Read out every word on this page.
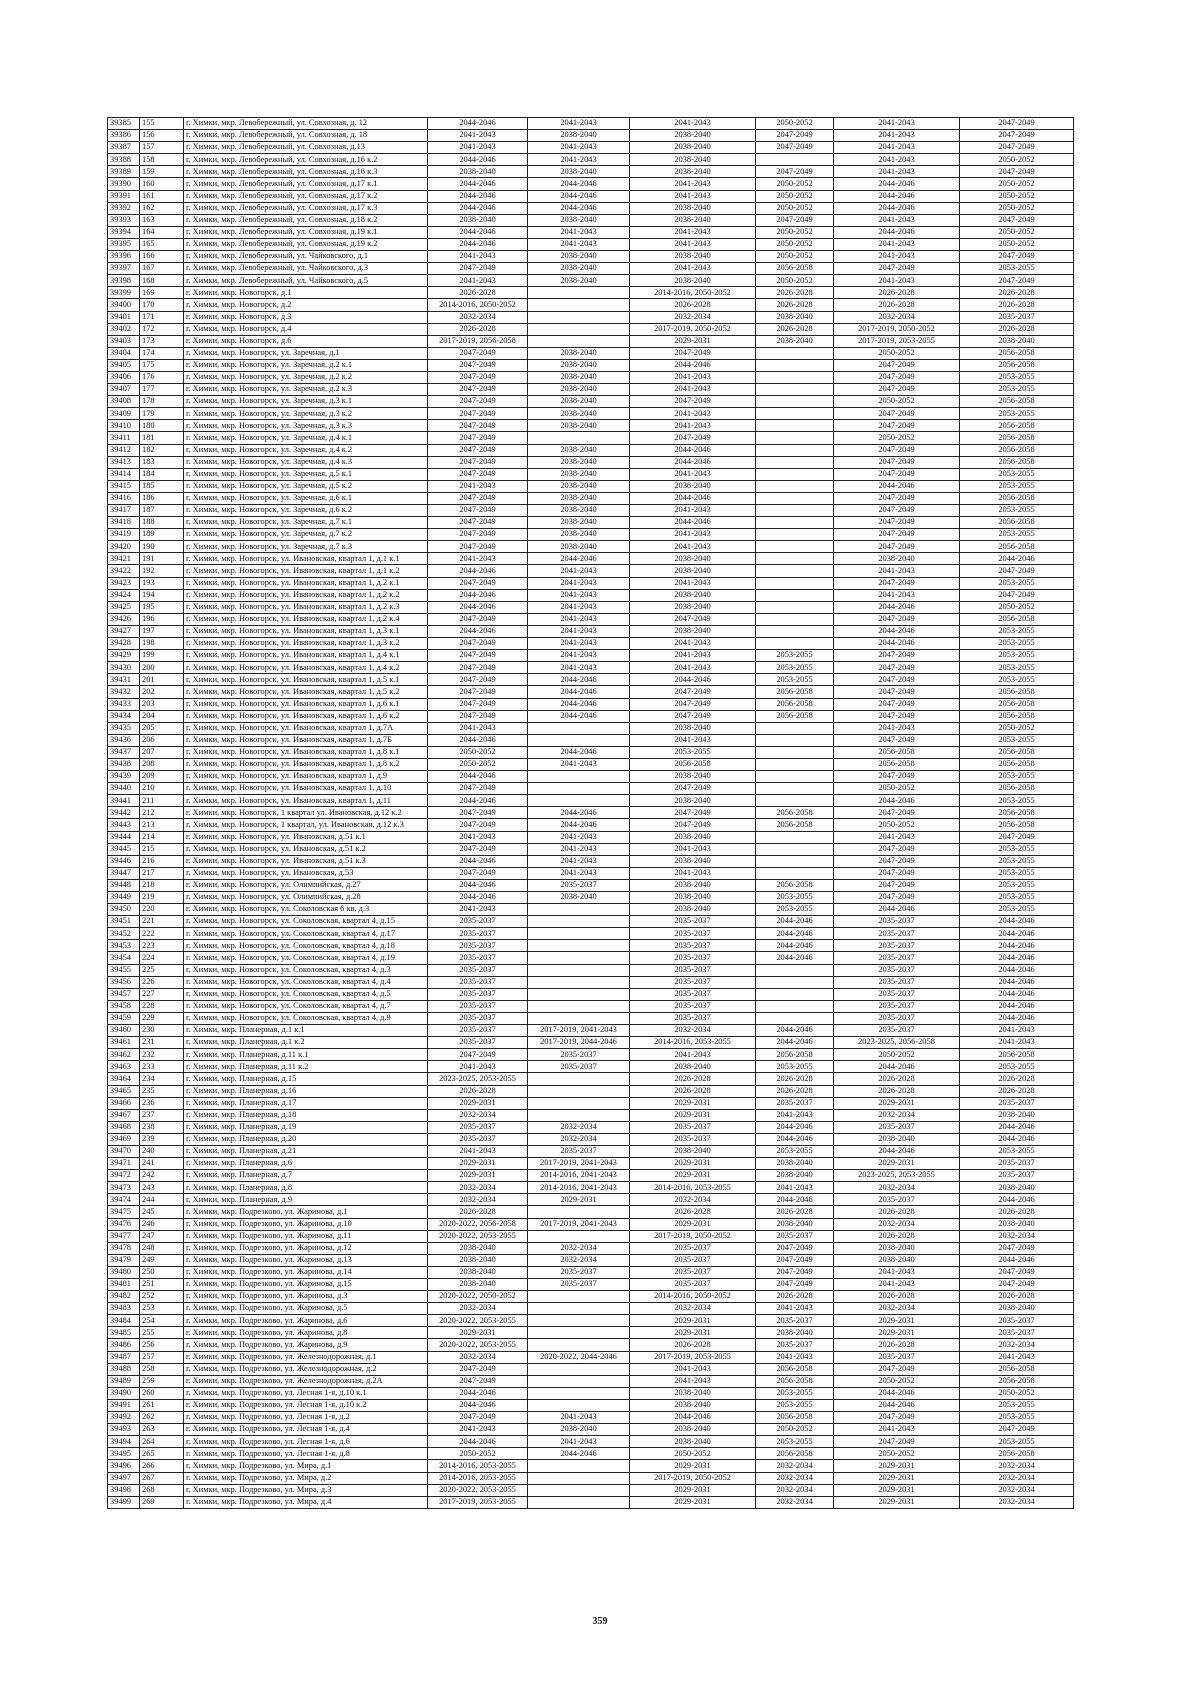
39385	155	г. Химки, мкр. Левобережный, ул. Совхозная, д. 12	2044-2046	2041-2043	2041-2043	2050-2052	2041-2043	2047-2049
39386	156	г. Химки, мкр. Левобережный, ул. Совхозная, д. 18	2041-2043	2038-2040	2038-2040	2047-2049	2041-2043	2047-2049
39387	157	г. Химки, мкр. Левобережный, ул. Совхозная, д.13	2041-2043	2041-2043	2038-2040	2047-2049	2041-2043	2047-2049
39388	158	г. Химки, мкр. Левобережный, ул. Совхозная, д.16 к.2	2044-2046	2041-2043	2038-2040		2041-2043	2050-2052
39389	159	г. Химки, мкр. Левобережный, ул. Совхозная, д.16 к.3	2038-2040	2038-2040	2038-2040	2047-2049	2041-2043	2047-2049
39390	160	г. Химки, мкр. Левобережный, ул. Совхозная, д.17 к.1	2044-2046	2044-2046	2041-2043	2050-2052	2044-2046	2050-2052
39391	161	г. Химки, мкр. Левобережный, ул. Совхозная, д.17 к.2	2044-2046	2044-2046	2041-2043	2050-2052	2044-2046	2050-2052
39392	162	г. Химки, мкр. Левобережный, ул. Совхозная, д.17 к.3	2044-2046	2044-2046	2038-2040	2050-2052	2044-2046	2050-2052
39393	163	г. Химки, мкр. Левобережный, ул. Совхозная, д.18 к.2	2038-2040	2038-2040	2038-2040	2047-2049	2041-2043	2047-2049
39394	164	г. Химки, мкр. Левобережный, ул. Совхозная, д.19 к.1	2044-2046	2041-2043	2041-2043	2050-2052	2044-2046	2050-2052
39395	165	г. Химки, мкр. Левобережный, ул. Совхозная, д.19 к.2	2044-2046	2041-2043	2041-2043	2050-2052	2041-2043	2050-2052
39396	166	г. Химки, мкр. Левобережный, ул. Чайковского, д.1	2041-2043	2038-2040	2038-2040	2050-2052	2041-2043	2047-2049
39397	167	г. Химки, мкр. Левобережный, ул. Чайковского, д.3	2047-2049	2038-2040	2041-2043	2056-2058	2047-2049	2053-2055
39398	168	г. Химки, мкр. Левобережный, ул. Чайковского, д.5	2041-2043	2038-2040	2038-2040	2050-2052	2041-2043	2047-2049
39399	169	г. Химки, мкр. Новогорск, д.1	2026-2028		2014-2016, 2050-2052	2026-2028	2026-2028	2026-2028
39400	170	г. Химки, мкр. Новогорск, д.2	2014-2016, 2050-2052		2026-2028	2026-2028	2026-2028	2026-2028
39401	171	г. Химки, мкр. Новогорск, д.3	2032-2034		2032-2034	2038-2040	2032-2034	2035-2037
39402	172	г. Химки, мкр. Новогорск, д.4	2026-2028		2017-2019, 2050-2052	2026-2028	2017-2019, 2050-2052	2026-2028
39403	173	г. Химки, мкр. Новогорск, д.6	2017-2019, 2056-2058		2029-2031	2038-2040	2017-2019, 2053-2055	2038-2040
39404	174	г. Химки, мкр. Новогорск, ул. Заречная, д.1	2047-2049	2038-2040	2047-2049		2050-2052	2056-2058
39405	175	г. Химки, мкр. Новогорск, ул. Заречная, д.2 к.1	2047-2049	2038-2040	2044-2046		2047-2049	2056-2058
39406	176	г. Химки, мкр. Новогорск, ул. Заречная, д.2 к.2	2047-2049	2038-2040	2041-2043		2047-2049	2053-2055
39407	177	г. Химки, мкр. Новогорск, ул. Заречная, д.2 к.3	2047-2049	2038-2040	2041-2043		2047-2049	2053-2055
39408	178	г. Химки, мкр. Новогорск, ул. Заречная, д.3 к.1	2047-2049	2038-2040	2047-2049		2050-2052	2056-2058
39409	179	г. Химки, мкр. Новогорск, ул. Заречная, д.3 к.2	2047-2049	2038-2040	2041-2043		2047-2049	2053-2055
39410	180	г. Химки, мкр. Новогорск, ул. Заречная, д.3 к.3	2047-2049	2038-2040	2041-2043		2047-2049	2056-2058
39411	181	г. Химки, мкр. Новогорск, ул. Заречная, д.4 к.1	2047-2049		2047-2049		2050-2052	2056-2058
39412	182	г. Химки, мкр. Новогорск, ул. Заречная, д.4 к.2	2047-2049	2038-2040	2044-2046		2047-2049	2056-2058
39413	183	г. Химки, мкр. Новогорск, ул. Заречная, д.4 к.3	2047-2049	2038-2040	2044-2046		2047-2049	2056-2058
39414	184	г. Химки, мкр. Новогорск, ул. Заречная, д.5 к.1	2047-2049	2038-2040	2041-2043		2047-2049	2053-2055
39415	185	г. Химки, мкр. Новогорск, ул. Заречная, д.5 к.2	2041-2043	2038-2040	2038-2040		2044-2046	2053-2055
39416	186	г. Химки, мкр. Новогорск, ул. Заречная, д.6 к.1	2047-2049	2038-2040	2044-2046		2047-2049	2056-2058
39417	187	г. Химки, мкр. Новогорск, ул. Заречная, д.6 к.2	2047-2049	2038-2040	2041-2043		2047-2049	2053-2055
39418	188	г. Химки, мкр. Новогорск, ул. Заречная, д.7 к.1	2047-2049	2038-2040	2044-2046		2047-2049	2056-2058
39419	189	г. Химки, мкр. Новогорск, ул. Заречная, д.7 к.2	2047-2049	2038-2040	2041-2043		2047-2049	2053-2055
39420	190	г. Химки, мкр. Новогорск, ул. Заречная, д.7 к.3	2047-2049	2038-2040	2041-2043		2047-2049	2056-2058
39421	191	г. Химки, мкр. Новогорск, ул. Ивановская, квартал 1, д.1 к.1	2041-2043	2044-2046	2038-2040		2038-2040	2044-2046
39422	192	г. Химки, мкр. Новогорск, ул. Ивановская, квартал 1, д.1 к.2	2044-2046	2041-2043	2038-2040		2041-2043	2047-2049
39423	193	г. Химки, мкр. Новогорск, ул. Ивановская, квартал 1, д.2 к.1	2047-2049	2041-2043	2041-2043		2047-2049	2053-2055
39424	194	г. Химки, мкр. Новогорск, ул. Ивановская, квартал 1, д.2 к.2	2044-2046	2041-2043	2038-2040		2041-2043	2047-2049
39425	195	г. Химки, мкр. Новогорск, ул. Ивановская, квартал 1, д.2 к.3	2044-2046	2041-2043	2038-2040		2044-2046	2050-2052
39426	196	г. Химки, мкр. Новогорск, ул. Ивановская, квартал 1, д.2 к.4	2047-2049	2041-2043	2047-2049		2047-2049	2056-2058
39427	197	г. Химки, мкр. Новогорск, ул. Ивановская, квартал 1, д.3 к.1	2044-2046	2041-2043	2038-2040		2044-2046	2053-2055
39428	198	г. Химки, мкр. Новогорск, ул. Ивановская, квартал 1, д.3 к.2	2047-2049	2041-2043	2041-2043		2044-2046	2053-2055
39429	199	г. Химки, мкр. Новогорск, ул. Ивановская, квартал 1, д.4 к.1	2047-2049	2041-2043	2041-2043	2053-2055	2047-2049	2053-2055
39430	200	г. Химки, мкр. Новогорск, ул. Ивановская, квартал 1, д.4 к.2	2047-2049	2041-2043	2041-2043	2053-2055	2047-2049	2053-2055
39431	201	г. Химки, мкр. Новогорск, ул. Ивановская, квартал 1, д.5 к.1	2047-2049	2044-2046	2044-2046	2053-2055	2047-2049	2053-2055
39432	202	г. Химки, мкр. Новогорск, ул. Ивановская, квартал 1, д.5 к.2	2047-2049	2044-2046	2047-2049	2056-2058	2047-2049	2056-2058
39433	203	г. Химки, мкр. Новогорск, ул. Ивановская, квартал 1, д.6 к.1	2047-2049	2044-2046	2047-2049	2056-2058	2047-2049	2056-2058
39434	204	г. Химки, мкр. Новогорск, ул. Ивановская, квартал 1, д.6 к.2	2047-2049	2044-2046	2047-2049	2056-2058	2047-2049	2056-2058
39435	205	г. Химки, мкр. Новогорск, ул. Ивановская, квартал 1, д.7А	2041-2043		2038-2040		2041-2043	2050-2052
39436	206	г. Химки, мкр. Новогорск, ул. Ивановская, квартал 1, д.7Б	2044-2046		2041-2043		2047-2049	2053-2055
39437	207	г. Химки, мкр. Новогорск, ул. Ивановская, квартал 1, д.8 к.1	2050-2052	2044-2046	2053-2055		2056-2058	2056-2058
39438	208	г. Химки, мкр. Новогорск, ул. Ивановская, квартал 1, д.8 к.2	2050-2052	2041-2043	2056-2058		2056-2058	2056-2058
39439	209	г. Химки, мкр. Новогорск, ул. Ивановская, квартал 1, д.9	2044-2046		2038-2040		2047-2049	2053-2055
39440	210	г. Химки, мкр. Новогорск, ул. Ивановская, квартал 1, д.10	2047-2049		2047-2049		2050-2052	2056-2058
39441	211	г. Химки, мкр. Новогорск, ул. Ивановская, квартал 1, д.11	2044-2046		2038-2040		2044-2046	2053-2055
39442	212	г. Химки, мкр. Новогорск, 1 квартал ул. Ивановская, д.12 к.2	2047-2049	2044-2046	2047-2049	2056-2058	2047-2049	2056-2058
39443	213	г. Химки, мкр. Новогорск, 1 квартал, ул. Ивановская, д.12 к.3	2047-2049	2044-2046	2047-2049	2056-2058	2050-2052	2056-2058
39444	214	г. Химки, мкр. Новогорск, ул. Ивановская, д.51 к.1	2041-2043	2041-2043	2038-2040		2041-2043	2047-2049
39445	215	г. Химки, мкр. Новогорск, ул. Ивановская, д.51 к.2	2047-2049	2041-2043	2041-2043		2047-2049	2053-2055
39446	216	г. Химки, мкр. Новогорск, ул. Ивановская, д.51 к.3	2044-2046	2041-2043	2038-2040		2047-2049	2053-2055
39447	217	г. Химки, мкр. Новогорск, ул. Ивановская, д.53	2047-2049	2041-2043	2041-2043		2047-2049	2053-2055
39448	218	г. Химки, мкр. Новогорск, ул. Олимпийская, д.27	2044-2046	2035-2037	2038-2040	2056-2058	2047-2049	2053-2055
39449	219	г. Химки, мкр. Новогорск, ул. Олимпийская, д.28	2044-2046	2038-2040	2038-2040	2053-2055	2047-2049	2053-2055
39450	220	г. Химки, мкр. Новогорск, ул. Соколовская 6 кв, д.3	2041-2043		2038-2040	2053-2055	2044-2046	2053-2055
39451	221	г. Химки, мкр. Новогорск, ул. Соколовская, квартал 4, д.15	2035-2037		2035-2037	2044-2046	2035-2037	2044-2046
39452	222	г. Химки, мкр. Новогорск, ул. Соколовская, квартал 4, д.17	2035-2037		2035-2037	2044-2046	2035-2037	2044-2046
39453	223	г. Химки, мкр. Новогорск, ул. Соколовская, квартал 4, д.18	2035-2037		2035-2037	2044-2046	2035-2037	2044-2046
39454	224	г. Химки, мкр. Новогорск, ул. Соколовская, квартал 4, д.19	2035-2037		2035-2037	2044-2046	2035-2037	2044-2046
39455	225	г. Химки, мкр. Новогорск, ул. Соколовская, квартал 4, д.3	2035-2037		2035-2037		2035-2037	2044-2046
39456	226	г. Химки, мкр. Новогорск, ул. Соколовская, квартал 4, д.4	2035-2037		2035-2037		2035-2037	2044-2046
39457	227	г. Химки, мкр. Новогорск, ул. Соколовская, квартал 4, д.5	2035-2037		2035-2037		2035-2037	2044-2046
39458	228	г. Химки, мкр. Новогорск, ул. Соколовская, квартал 4, д.7	2035-2037		2035-2037		2035-2037	2044-2046
39459	229	г. Химки, мкр. Новогорск, ул. Соколовская, квартал 4, д.9	2035-2037		2035-2037		2035-2037	2044-2046
39460	230	г. Химки, мкр. Планерная, д.1 к.1	2035-2037	2017-2019, 2041-2043	2032-2034	2044-2046	2035-2037	2041-2043
39461	231	г. Химки, мкр. Планерная, д.1 к.2	2035-2037	2017-2019, 2044-2046	2014-2016, 2053-2055	2044-2046	2023-2025, 2056-2058	2041-2043
39462	232	г. Химки, мкр. Планерная, д.11 к.1	2047-2049	2035-2037	2041-2043	2056-2058	2050-2052	2056-2058
39463	233	г. Химки, мкр. Планерная, д.11 к.2	2041-2043	2035-2037	2038-2040	2053-2055	2044-2046	2053-2055
39464	234	г. Химки, мкр. Планерная, д.15	2023-2025, 2053-2055		2026-2028	2026-2028	2026-2028	2026-2028
39465	235	г. Химки, мкр. Планерная, д.16	2026-2028		2026-2028	2026-2028	2026-2028	2026-2028
39466	236	г. Химки, мкр. Планерная, д.17	2029-2031		2029-2031	2035-2037	2029-2031	2035-2037
39467	237	г. Химки, мкр. Планерная, д.18	2032-2034		2029-2031	2041-2043	2032-2034	2038-2040
39468	238	г. Химки, мкр. Планерная, д.19	2035-2037	2032-2034	2035-2037	2044-2046	2035-2037	2044-2046
39469	239	г. Химки, мкр. Планерная, д.20	2035-2037	2032-2034	2035-2037	2044-2046	2038-2040	2044-2046
39470	240	г. Химки, мкр. Планерная, д.21	2041-2043	2035-2037	2038-2040	2053-2055	2044-2046	2053-2055
39471	241	г. Химки, мкр. Планерная, д.6	2029-2031	2017-2019, 2041-2043	2029-2031	2038-2040	2029-2031	2035-2037
39472	242	г. Химки, мкр. Планерная, д.7	2029-2031	2014-2016, 2041-2043	2029-2031	2038-2040	2023-2025, 2053-2055	2035-2037
39473	243	г. Химки, мкр. Планерная, д.8	2032-2034	2014-2016, 2041-2043	2014-2016, 2053-2055	2041-2043	2032-2034	2038-2040
39474	244	г. Химки, мкр. Планерная, д.9	2032-2034	2029-2031	2032-2034	2044-2046	2035-2037	2044-2046
39475	245	г. Химки, мкр. Подрезково, ул. Жаринова, д.1	2026-2028		2026-2028	2026-2028	2026-2028	2026-2028
39476	246	г. Химки, мкр. Подрезково, ул. Жаринова, д.10	2020-2022, 2056-2058	2017-2019, 2041-2043	2029-2031	2038-2040	2032-2034	2038-2040
39477	247	г. Химки, мкр. Подрезково, ул. Жаринова, д.11	2020-2022, 2053-2055		2017-2019, 2050-2052	2035-2037	2026-2028	2032-2034
39478	248	г. Химки, мкр. Подрезково, ул. Жаринова, д.12	2038-2040	2032-2034	2035-2037	2047-2049	2038-2040	2047-2049
39479	249	г. Химки, мкр. Подрезково, ул. Жаринова, д.13	2038-2040	2032-2034	2035-2037	2047-2049	2038-2040	2044-2046
39480	250	г. Химки, мкр. Подрезково, ул. Жаринова, д.14	2038-2040	2035-2037	2035-2037	2047-2049	2041-2043	2047-2049
39481	251	г. Химки, мкр. Подрезково, ул. Жаринова, д.15	2038-2040	2035-2037	2035-2037	2047-2049	2041-2043	2047-2049
39482	252	г. Химки, мкр. Подрезково, ул. Жаринова, д.3	2020-2022, 2050-2052		2014-2016, 2050-2052	2026-2028	2026-2028	2026-2028
39483	253	г. Химки, мкр. Подрезково, ул. Жаринова, д.5	2032-2034		2032-2034	2041-2043	2032-2034	2038-2040
39484	254	г. Химки, мкр. Подрезково, ул. Жаринова, д.6	2020-2022, 2053-2055		2029-2031	2035-2037	2029-2031	2035-2037
39485	255	г. Химки, мкр. Подрезково, ул. Жаринова, д.8	2029-2031		2029-2031	2038-2040	2029-2031	2035-2037
39486	256	г. Химки, мкр. Подрезково, ул. Жаринова, д.9	2020-2022, 2053-2055		2026-2028	2035-2037	2026-2028	2032-2034
39487	257	г. Химки, мкр. Подрезково, ул. Железнодорожная, д.1	2032-2034	2020-2022, 2044-2046	2017-2019, 2053-2055	2041-2043	2035-2037	2041-2043
39488	258	г. Химки, мкр. Подрезково, ул. Железнодорожная, д.2	2047-2049		2041-2043	2056-2058	2047-2049	2056-2058
39489	259	г. Химки, мкр. Подрезково, ул. Железнодорожная, д.2А	2047-2049		2041-2043	2056-2058	2050-2052	2056-2058
39490	260	г. Химки, мкр. Подрезково, ул. Лесная 1-я, д.10 к.1	2044-2046		2038-2040	2053-2055	2044-2046	2050-2052
39491	261	г. Химки, мкр. Подрезково, ул. Лесная 1-я, д.10 к.2	2044-2046		2038-2040	2053-2055	2044-2046	2053-2055
39492	262	г. Химки, мкр. Подрезково, ул. Лесная 1-я, д.2	2047-2049	2041-2043	2044-2046	2056-2058	2047-2049	2053-2055
39493	263	г. Химки, мкр. Подрезково, ул. Лесная 1-я, д.4	2041-2043	2038-2040	2038-2040	2050-2052	2041-2043	2047-2049
39494	264	г. Химки, мкр. Подрезково, ул. Лесная 1-я, д.6	2044-2046	2041-2043	2038-2040	2053-2055	2047-2049	2053-2055
39495	265	г. Химки, мкр. Подрезково, ул. Лесная 1-я, д.8	2050-2052	2044-2046	2050-2052	2056-2058	2050-2052	2056-2058
39496	266	г. Химки, мкр. Подрезково, ул. Мира, д.1	2014-2016, 2053-2055		2029-2031	2032-2034	2029-2031	2032-2034
39497	267	г. Химки, мкр. Подрезково, ул. Мира, д.2	2014-2016, 2053-2055		2017-2019, 2050-2052	2032-2034	2029-2031	2032-2034
39498	268	г. Химки, мкр. Подрезково, ул. Мира, д.3	2020-2022, 2053-2055		2029-2031	2032-2034	2029-2031	2032-2034
39499	269	г. Химки, мкр. Подрезково, ул. Мира, д.4	2017-2019, 2053-2055		2029-2031	2032-2034	2029-2031	2032-2034
359
